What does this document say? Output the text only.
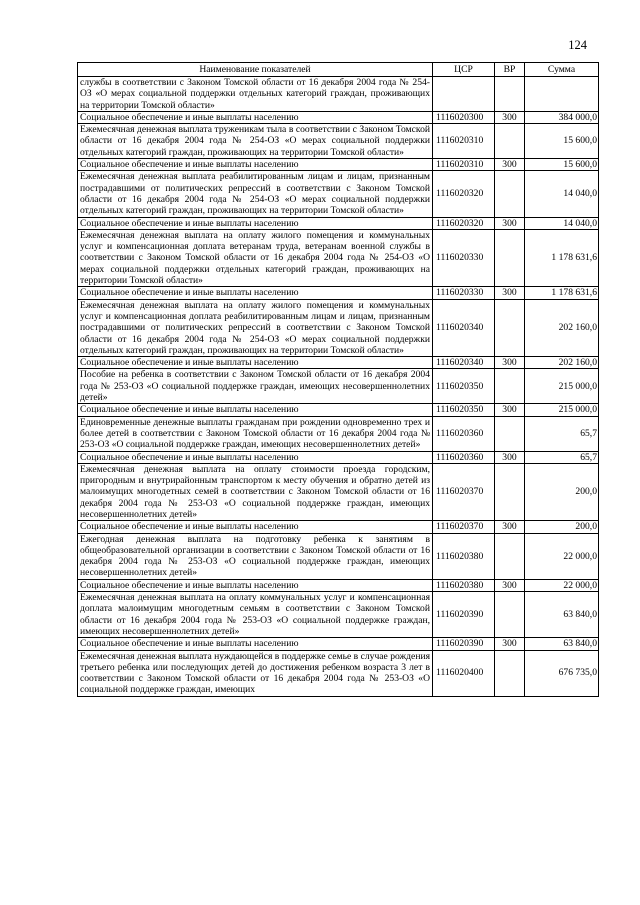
124
Наименование показателей	ЦСР	ВР	Сумма
службы в соответствии с Законом Томской области от 16 декабря 2004 года № 254-ОЗ «О мерах социальной поддержки отдельных категорий граждан, проживающих на территории Томской области»			
Социальное обеспечение и иные выплаты населению	1116020300	300	384 000,0
Ежемесячная денежная выплата труженикам тыла в соответствии с Законом Томской области от 16 декабря 2004 года № 254-ОЗ «О мерах социальной поддержки отдельных категорий граждан, проживающих на территории Томской области»	1116020310		15 600,0
Социальное обеспечение и иные выплаты населению	1116020310	300	15 600,0
Ежемесячная денежная выплата реабилитированным лицам и лицам, признанным пострадавшими от политических репрессий в соответствии с Законом Томской области от 16 декабря 2004 года № 254-ОЗ «О мерах социальной поддержки отдельных категорий граждан, проживающих на территории Томской области»	1116020320		14 040,0
Социальное обеспечение и иные выплаты населению	1116020320	300	14 040,0
Ежемесячная денежная выплата на оплату жилого помещения и коммунальных услуг и компенсационная доплата ветеранам труда, ветеранам военной службы в соответствии с Законом Томской области от 16 декабря 2004 года № 254-ОЗ «О мерах социальной поддержки отдельных категорий граждан, проживающих на территории Томской области»	1116020330		1 178 631,6
Социальное обеспечение и иные выплаты населению	1116020330	300	1 178 631,6
Ежемесячная денежная выплата на оплату жилого помещения и коммунальных услуг и компенсационная доплата реабилитированным лицам и лицам, признанным пострадавшими от политических репрессий в соответствии с Законом Томской области от 16 декабря 2004 года № 254-ОЗ «О мерах социальной поддержки отдельных категорий граждан, проживающих на территории Томской области»	1116020340		202 160,0
Социальное обеспечение и иные выплаты населению	1116020340	300	202 160,0
Пособие на ребенка в соответствии с Законом Томской области от 16 декабря 2004 года № 253-ОЗ «О социальной поддержке граждан, имеющих несовершеннолетних детей»	1116020350		215 000,0
Социальное обеспечение и иные выплаты населению	1116020350	300	215 000,0
Единовременные денежные выплаты гражданам при рождении одновременно трех и более детей в соответствии с Законом Томской области от 16 декабря 2004 года № 253-ОЗ «О социальной поддержке граждан, имеющих несовершеннолетних детей»	1116020360		65,7
Социальное обеспечение и иные выплаты населению	1116020360	300	65,7
Ежемесячная денежная выплата на оплату стоимости проезда городским, пригородным и внутрирайонным транспортом к месту обучения и обратно детей из малоимущих многодетных семей в соответствии с Законом Томской области от 16 декабря 2004 года № 253-ОЗ «О социальной поддержке граждан, имеющих несовершеннолетних детей»	1116020370		200,0
Социальное обеспечение и иные выплаты населению	1116020370	300	200,0
Ежегодная денежная выплата на подготовку ребенка к занятиям в общеобразовательной организации в соответствии с Законом Томской области от 16 декабря 2004 года № 253-ОЗ «О социальной поддержке граждан, имеющих несовершеннолетних детей»	1116020380		22 000,0
Социальное обеспечение и иные выплаты населению	1116020380	300	22 000,0
Ежемесячная денежная выплата на оплату коммунальных услуг и компенсационная доплата малоимущим многодетным семьям в соответствии с Законом Томской области от 16 декабря 2004 года № 253-ОЗ «О социальной поддержке граждан, имеющих несовершеннолетних детей»	1116020390		63 840,0
Социальное обеспечение и иные выплаты населению	1116020390	300	63 840,0
Ежемесячная денежная выплата нуждающейся в поддержке семье в случае рождения третьего ребенка или последующих детей до достижения ребенком возраста 3 лет в соответствии с Законом Томской области от 16 декабря 2004 года № 253-ОЗ «О социальной поддержке граждан, имеющих	1116020400		676 735,0
